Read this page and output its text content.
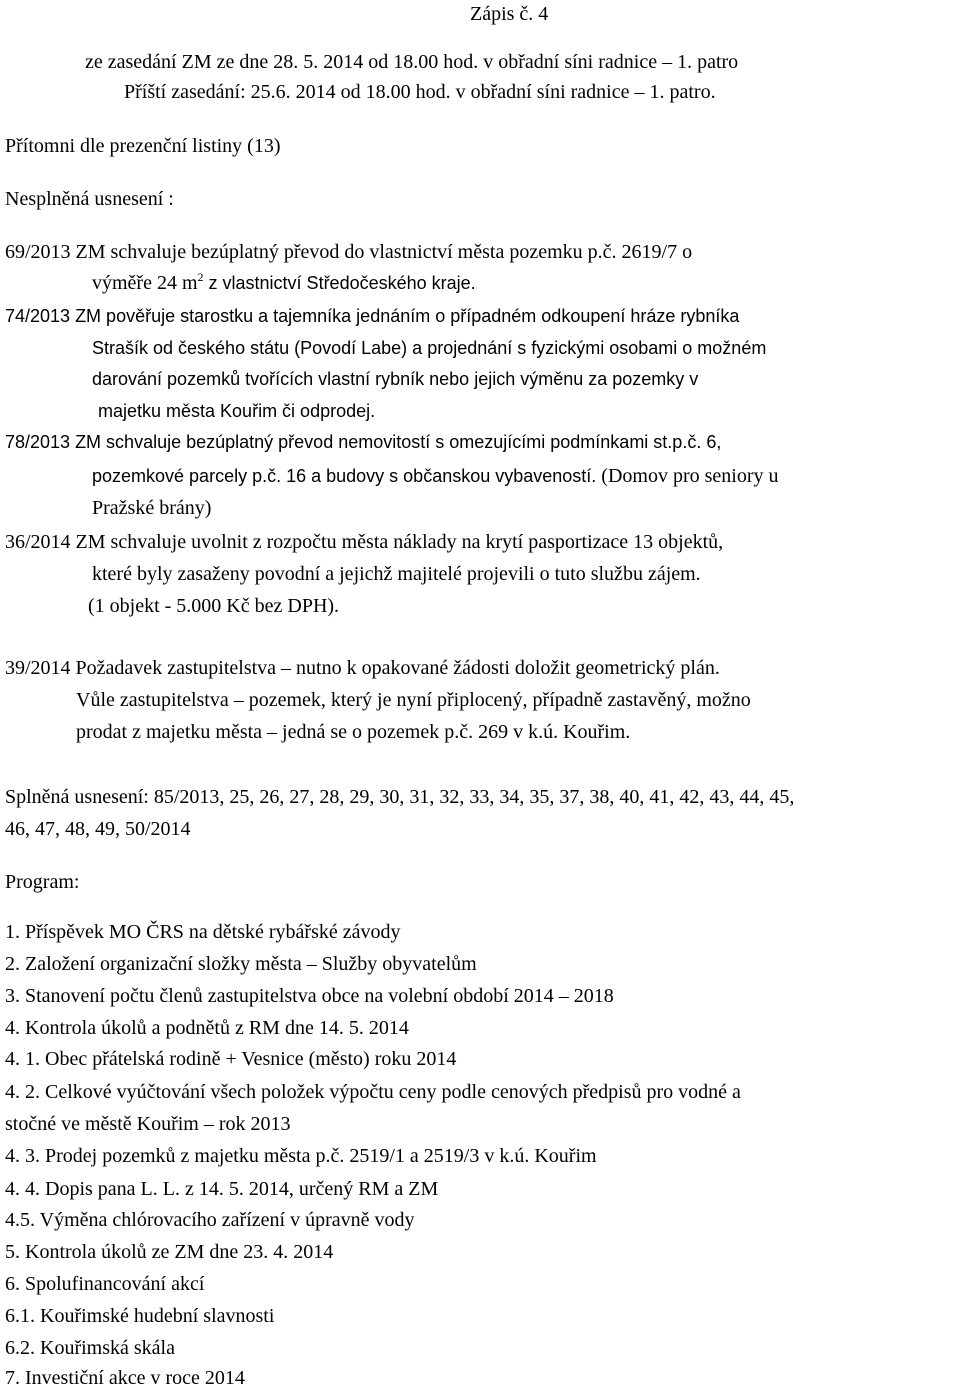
Zápis č. 4
ze zasedání ZM ze dne 28. 5. 2014 od 18.00 hod. v obřadní síni radnice – 1. patro
Příští zasedání: 25.6. 2014 od 18.00 hod. v obřadní síni radnice – 1. patro.
Přítomni dle prezenční listiny (13)
Nesplněná usnesení :
69/2013 ZM schvaluje bezúplatný převod do vlastnictví města pozemku p.č. 2619/7 o
výměře 24 $m^2$ z vlastnictví Středočeského kraje.
74/2013 ZM pověřuje starostku a tajemníka jednáním o případném odkoupení hráze rybníka
Strašík od českého státu (Povodí Labe) a projednání s fyzickými osobami o možném
darování pozemků tvořících vlastní rybník nebo jejich výměnu za pozemky v
majetku města Kouřim či odprodej.
78/2013 ZM schvaluje bezúplatný převod nemovitostí s omezujícími podmínkami st.p.č. 6,
pozemkové parcely p.č. 16 a budovy s občanskou vybaveností. (Domov pro seniory u
Pražské brány)
36/2014 ZM schvaluje uvolnit z rozpočtu města náklady na krytí pasportizace 13 objektů,
které byly zasaženy povodní a jejichž majitelé projevili o tuto službu zájem.
(1 objekt - 5.000 Kč bez DPH).
39/2014 Požadavek zastupitelstva – nutno k opakované žádosti doložit geometrický plán.
Vůle zastupitelstva – pozemek, který je nyní připlocený, případně zastavěný, možno
prodat z majetku města – jedná se o pozemek p.č. 269 v k.ú. Kouřim.
Splněná usnesení: 85/2013, 25, 26, 27, 28, 29, 30, 31, 32, 33, 34, 35, 37, 38, 40, 41, 42, 43, 44, 45,
46, 47, 48, 49, 50/2014
Program:
1. Příspěvek MO ČRS na dětské rybářské závody
2. Založení organizační složky města – Služby obyvatelům
3. Stanovení počtu členů zastupitelstva obce na volební období 2014 – 2018
4. Kontrola úkolů a podnětů z RM dne 14. 5. 2014
4. 1. Obec přátelská rodině + Vesnice (město) roku 2014
4. 2. Celkové vyúčtování všech položek výpočtu ceny podle cenových předpisů pro vodné a
stočné ve městě Kouřim – rok 2013
4. 3. Prodej pozemků z majetku města p.č. 2519/1 a 2519/3 v k.ú. Kouřim
4. 4. Dopis pana L. L. z 14. 5. 2014, určený RM a ZM
4.5. Výměna chlórovacího zařízení v úpravně vody
5. Kontrola úkolů ze ZM dne 23. 4. 2014
6. Spolufinancování akcí
6.1. Kouřimské hudební slavnosti
6.2. Kouřimská skála
7. Investiční akce v roce 2014
